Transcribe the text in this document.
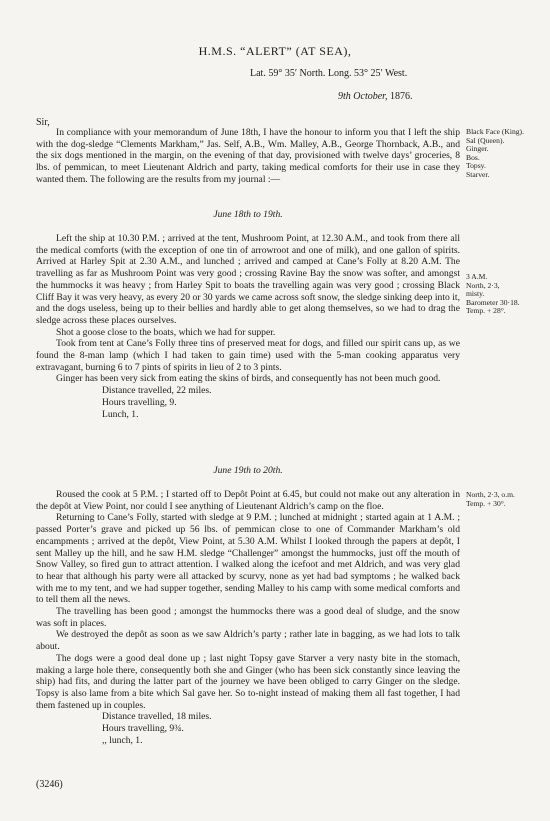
H.M.S. “ALERT” (AT SEA),
Lat. 59° 35′ North. Long. 53° 25′ West.
9th October, 1876.
Sir,
In compliance with your memorandum of June 18th, I have the honour to inform you that I left the ship with the dog-sledge “Clements Markham,” Jas. Self, A.B., Wm. Malley, A.B., George Thornback, A.B., and the six dogs mentioned in the margin, on the evening of that day, provisioned with twelve days’ groceries, 8 lbs. of pemmican, to meet Lieutenant Aldrich and party, taking medical comforts for their use in case they wanted them. The following are the results from my journal :—
Black Face (King).
Sal (Queen).
Ginger.
Bos.
Topsy.
Starver.
June 18th to 19th.

Left the ship at 10.30 P.M. ; arrived at the tent, Mushroom Point, at 12.30 A.M., and took from there all the medical comforts (with the exception of one tin of arrowroot and one of milk), and one gallon of spirits. Arrived at Harley Spit at 2.30 A.M., and lunched ; arrived and camped at Cane’s Folly at 8.20 A.M. The travelling as far as Mushroom Point was very good ; crossing Ravine Bay the snow was softer, and amongst the hummocks it was heavy ; from Harley Spit to boats the travelling again was very good ; crossing Black Cliff Bay it was very heavy, as every 20 or 30 yards we came across soft snow, the sledge sinking deep into it, and the dogs useless, being up to their bellies and hardly able to get along themselves, so we had to drag the sledge across these places ourselves.

Shot a goose close to the boats, which we had for supper.

Took from tent at Cane’s Folly three tins of preserved meat for dogs, and filled our spirit cans up, as we found the 8-man lamp (which I had taken to gain time) used with the 5-man cooking apparatus very extravagant, burning 6 to 7 pints of spirits in lieu of 2 to 3 pints.

Ginger has been very sick from eating the skins of birds, and consequently has not been much good.

Distance travelled, 22 miles.

Hours travelling, 9.

Lunch, 1.

3 A.M.
North, 2·3,
misty.
Barometer 30·18.
Temp. + 28°.
June 19th to 20th.

Roused the cook at 5 P.M. ; I started off to Depôt Point at 6.45, but could not make out any alteration in the depôt at View Point, nor could I see anything of Lieutenant Aldrich’s camp on the floe.

Returning to Cane’s Folly, started with sledge at 9 P.M. ; lunched at midnight ; started again at 1 A.M. ; passed Porter’s grave and picked up 56 lbs. of pemmican close to one of Commander Markham’s old encampments ; arrived at the depôt, View Point, at 5.30 A.M. Whilst I looked through the papers at depôt, I sent Malley up the hill, and he saw H.M. sledge “Challenger” amongst the hummocks, just off the mouth of Snow Valley, so fired gun to attract attention. I walked along the icefoot and met Aldrich, and was very glad to hear that although his party were all attacked by scurvy, none as yet had bad symptoms ; he walked back with me to my tent, and we had supper together, sending Malley to his camp with some medical comforts and to tell them all the news.

The travelling has been good ; amongst the hummocks there was a good deal of sludge, and the snow was soft in places.

We destroyed the depôt as soon as we saw Aldrich’s party ; rather late in bagging, as we had lots to talk about.

The dogs were a good deal done up ; last night Topsy gave Starver a very nasty bite in the stomach, making a large hole there, consequently both she and Ginger (who has been sick constantly since leaving the ship) had fits, and during the latter part of the journey we have been obliged to carry Ginger on the sledge. Topsy is also lame from a bite which Sal gave her. So to-night instead of making them all fast together, I had them fastened up in couples.

Distance travelled, 18 miles.

Hours travelling, 9¾.

,, lunch, 1.

North, 2·3, o.m.
Temp. + 30°.
(3246)
